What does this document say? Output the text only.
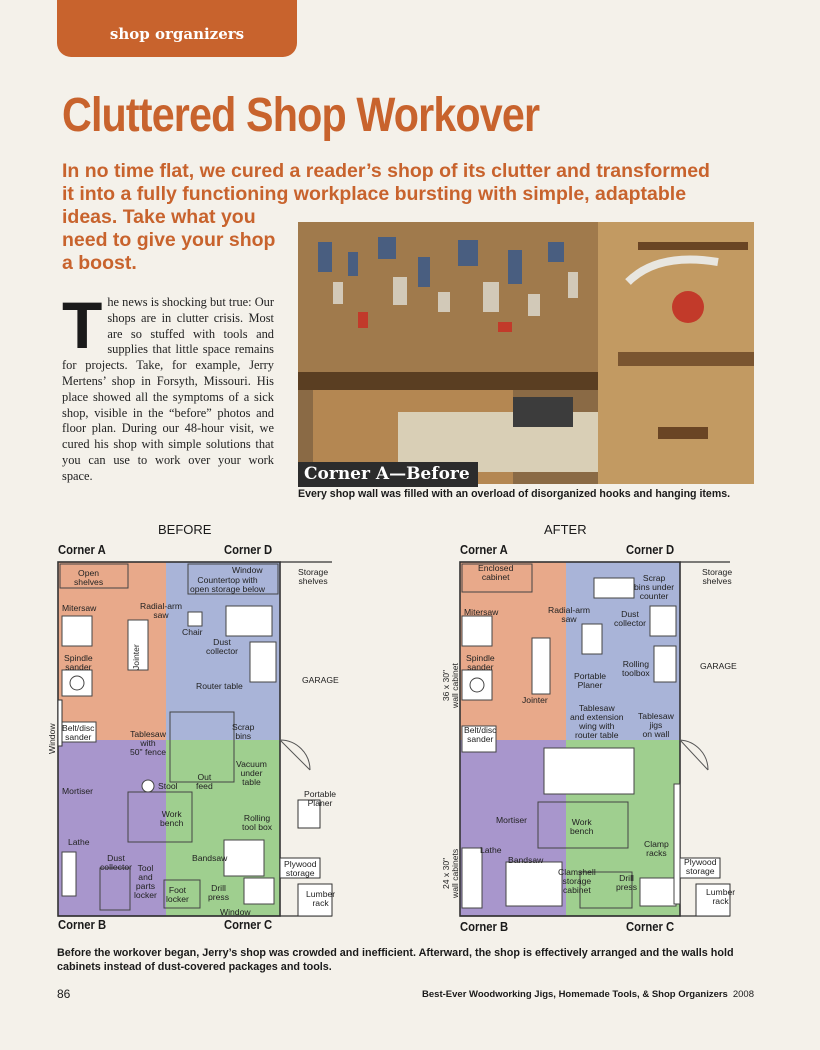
shop organizers
Cluttered Shop Workover

In no time flat, we cured a reader’s shop of its clutter and transformed
it into a fully functioning workplace bursting with simple, adaptable
ideas. Take what you need to give your shop a boost.

The news is shocking but true: Our shops are in clutter crisis. Most are so stuffed with tools and supplies that little space remains for projects. Take, for example, Jerry Mertens’ shop in Forsyth, Missouri. His place showed all the symptoms of a sick shop, visible in the “before” photos and floor plan. During our 48-hour visit, we cured his shop with simple solutions that you can use to work over your work space.	Corner A—Before
Every shop wall was filled with an overload of disorganized hooks and hanging items.
BEFORE
Corner A	Corner D
Corner B	Corner C
Open
shelves
Window
Countertop with
open storage below
Mitersaw	Radial-arm
saw
Chair
Dust
collector
Spindle
sander	Jointer
Router table
Belt/disc
sander	Tablesaw
with
50" fence
Scrap
bins
Vacuum
under
table
Out
feed
Mortiser	Stool
Work
bench	Rolling
tool box
Lathe
Dust
collector Tool
and
parts
locker
Bandsaw
Foot
locker
Drill
press
Window
Window
Storage
shelves
GARAGE
Portable
Planer
Plywood
storage
Lumber
rack
AFTER
Corner A	Corner D
Corner B	Corner C
Enclosed
cabinet	Scrap
bins under
counter
Mitersaw	Radial-arm
saw	Dust
collector
Spindle
sander	Rolling
toolbox
Portable
Planer
Jointer
36 x 30"
wall cabinet	Tablesaw
and extension
wing with
router table
Tablesaw
jigs
on wall
Belt/disc
sander
Mortiser	Work
bench
Lathe
Clamp
racks
Bandsaw
Clamshell
storage
cabinet
Drill
press
24 x 30"
wall cabinets
Storage
shelves
GARAGE
Plywood
storage
Lumber
rack
Before the workover began, Jerry’s shop was crowded and inefficient. Afterward, the shop is effectively arranged and the walls hold cabinets instead of dust-covered packages and tools.
86	Best-Ever Woodworking Jigs, Homemade Tools, & Shop Organizers 2008
